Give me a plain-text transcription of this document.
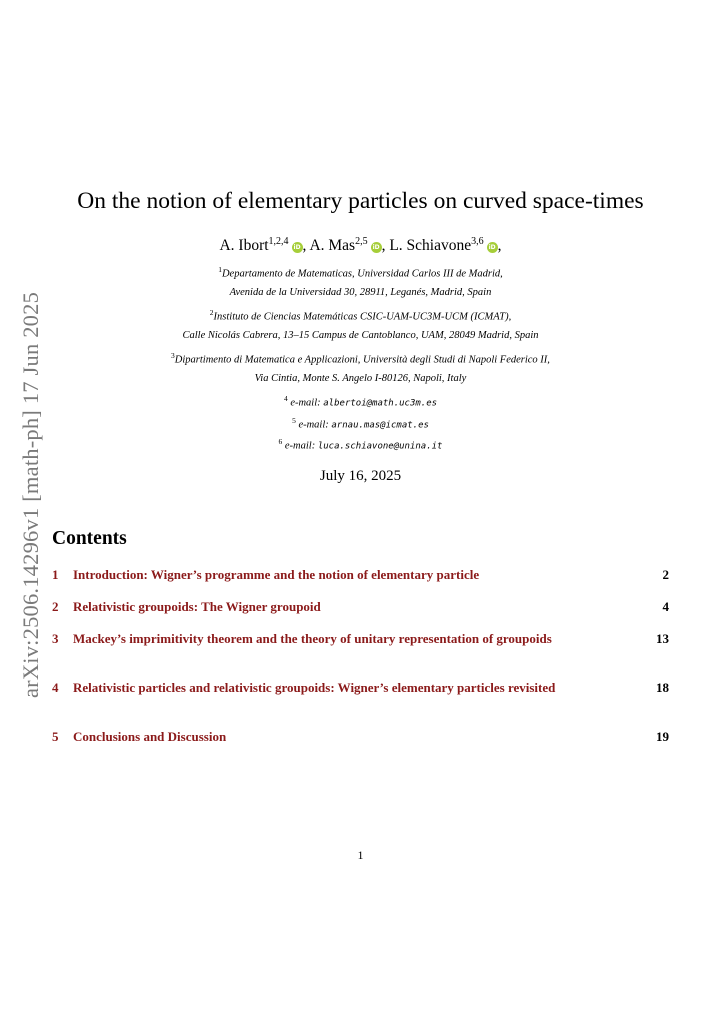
arXiv:2506.14296v1 [math-ph] 17 Jun 2025
On the notion of elementary particles on curved space-times
A. Ibort$^{1,2,4}$iD , A. Mas$^{2,5}$iD , L. Schiavone$^{3,6}$iD ,
$^1$Departamento de Matematicas, Universidad Carlos III de Madrid,
Avenida de la Universidad 30, 28911, Leganés, Madrid, Spain
$^2$Instituto de Ciencias Matemáticas CSIC-UAM-UC3M-UCM (ICMAT),
Calle Nicolás Cabrera, 13–15 Campus de Cantoblanco, UAM, 28049 Madrid, Spain
$^3$Dipartimento di Matematica e Applicazioni, Università degli Studi di Napoli Federico II,
Via Cintia, Monte S. Angelo I-80126, Napoli, Italy
$^4$ e-mail: albertoi@math.uc3m.es
$^5$ e-mail: arnau.mas@icmat.es
$^6$ e-mail: luca.schiavone@unina.it
July 16, 2025
Contents
1 Introduction: Wigner’s programme and the notion of elementary particle	2
2 Relativistic groupoids: The Wigner groupoid	4
3 Mackey’s imprimitivity theorem and the theory of unitary representation of groupoids	13
4 Relativistic particles and relativistic groupoids: Wigner’s elementary particles revisited	18
5 Conclusions and Discussion	19
1
